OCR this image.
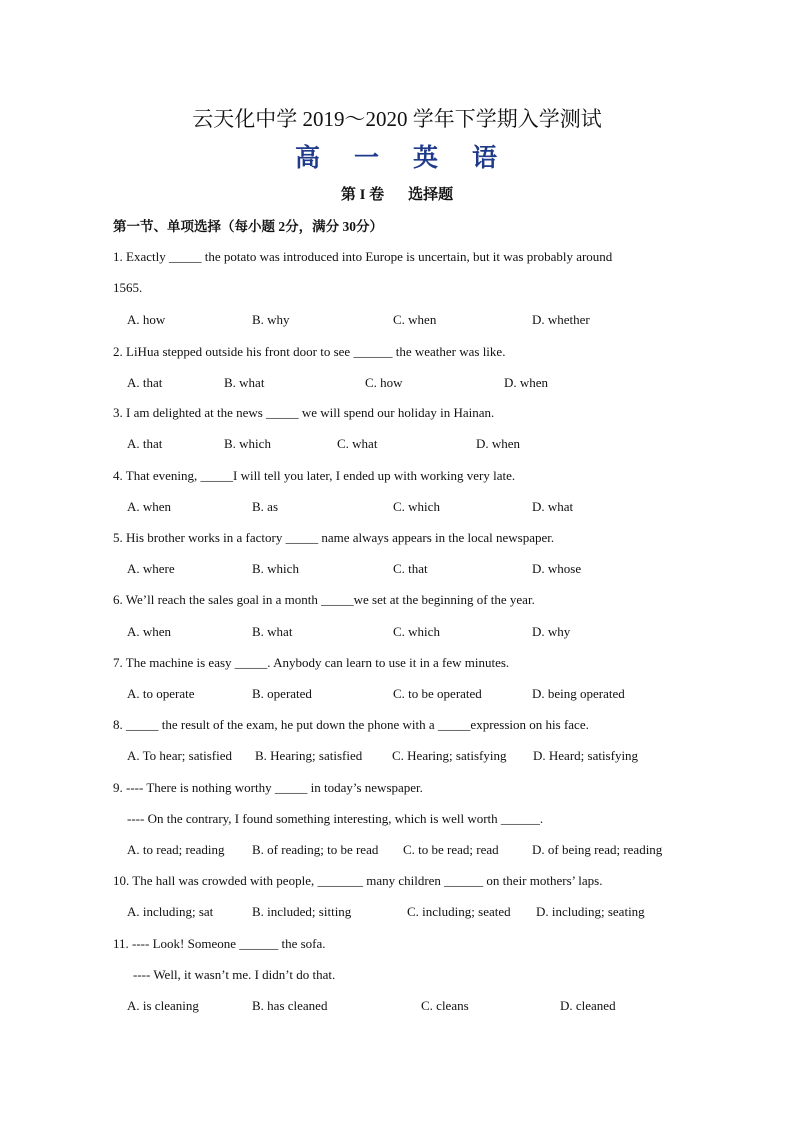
云天化中学 2019～2020 学年下学期入学测试
高 一 英 语
第 I 卷 选择题
第一节、单项选择（每小题 2分，满分 30分）
1. Exactly _____ the potato was introduced into Europe is uncertain, but it was probably around
1565.
A. how	B. why	C. when	D. whether
2. LiHua stepped outside his front door to see ______ the weather was like.
A. that	B. what	C. how	D. when
3. I am delighted at the news _____ we will spend our holiday in Hainan.
A. that	B. which	C. what	D. when
4. That evening, _____I will tell you later, I ended up with working very late.
A. when	B. as	C. which	D. what
5. His brother works in a factory _____ name always appears in the local newspaper.
A. where	B. which	C. that	D. whose
6. We’ll reach the sales goal in a month _____we set at the beginning of the year.
A. when	B. what	C. which	D. why
7. The machine is easy _____. Anybody can learn to use it in a few minutes.
A. to operate	B. operated	C. to be operated	D. being operated
8. _____ the result of the exam, he put down the phone with a _____expression on his face.
A. To hear; satisfied B. Hearing; satisfied C. Hearing; satisfying D. Heard; satisfying
9. ---- There is nothing worthy _____ in today’s newspaper.
---- On the contrary, I found something interesting, which is well worth ______.
A. to read; reading B. of reading; to be read C. to be read; read	D. of being read; reading
10. The hall was crowded with people, _______ many children ______ on their mothers’ laps.
A. including; sat	B. included; sitting	C. including; seated D. including; seating
11. ---- Look! Someone ______ the sofa.
---- Well, it wasn’t me. I didn’t do that.
A. is cleaning	B. has cleaned	C. cleans	D. cleaned
